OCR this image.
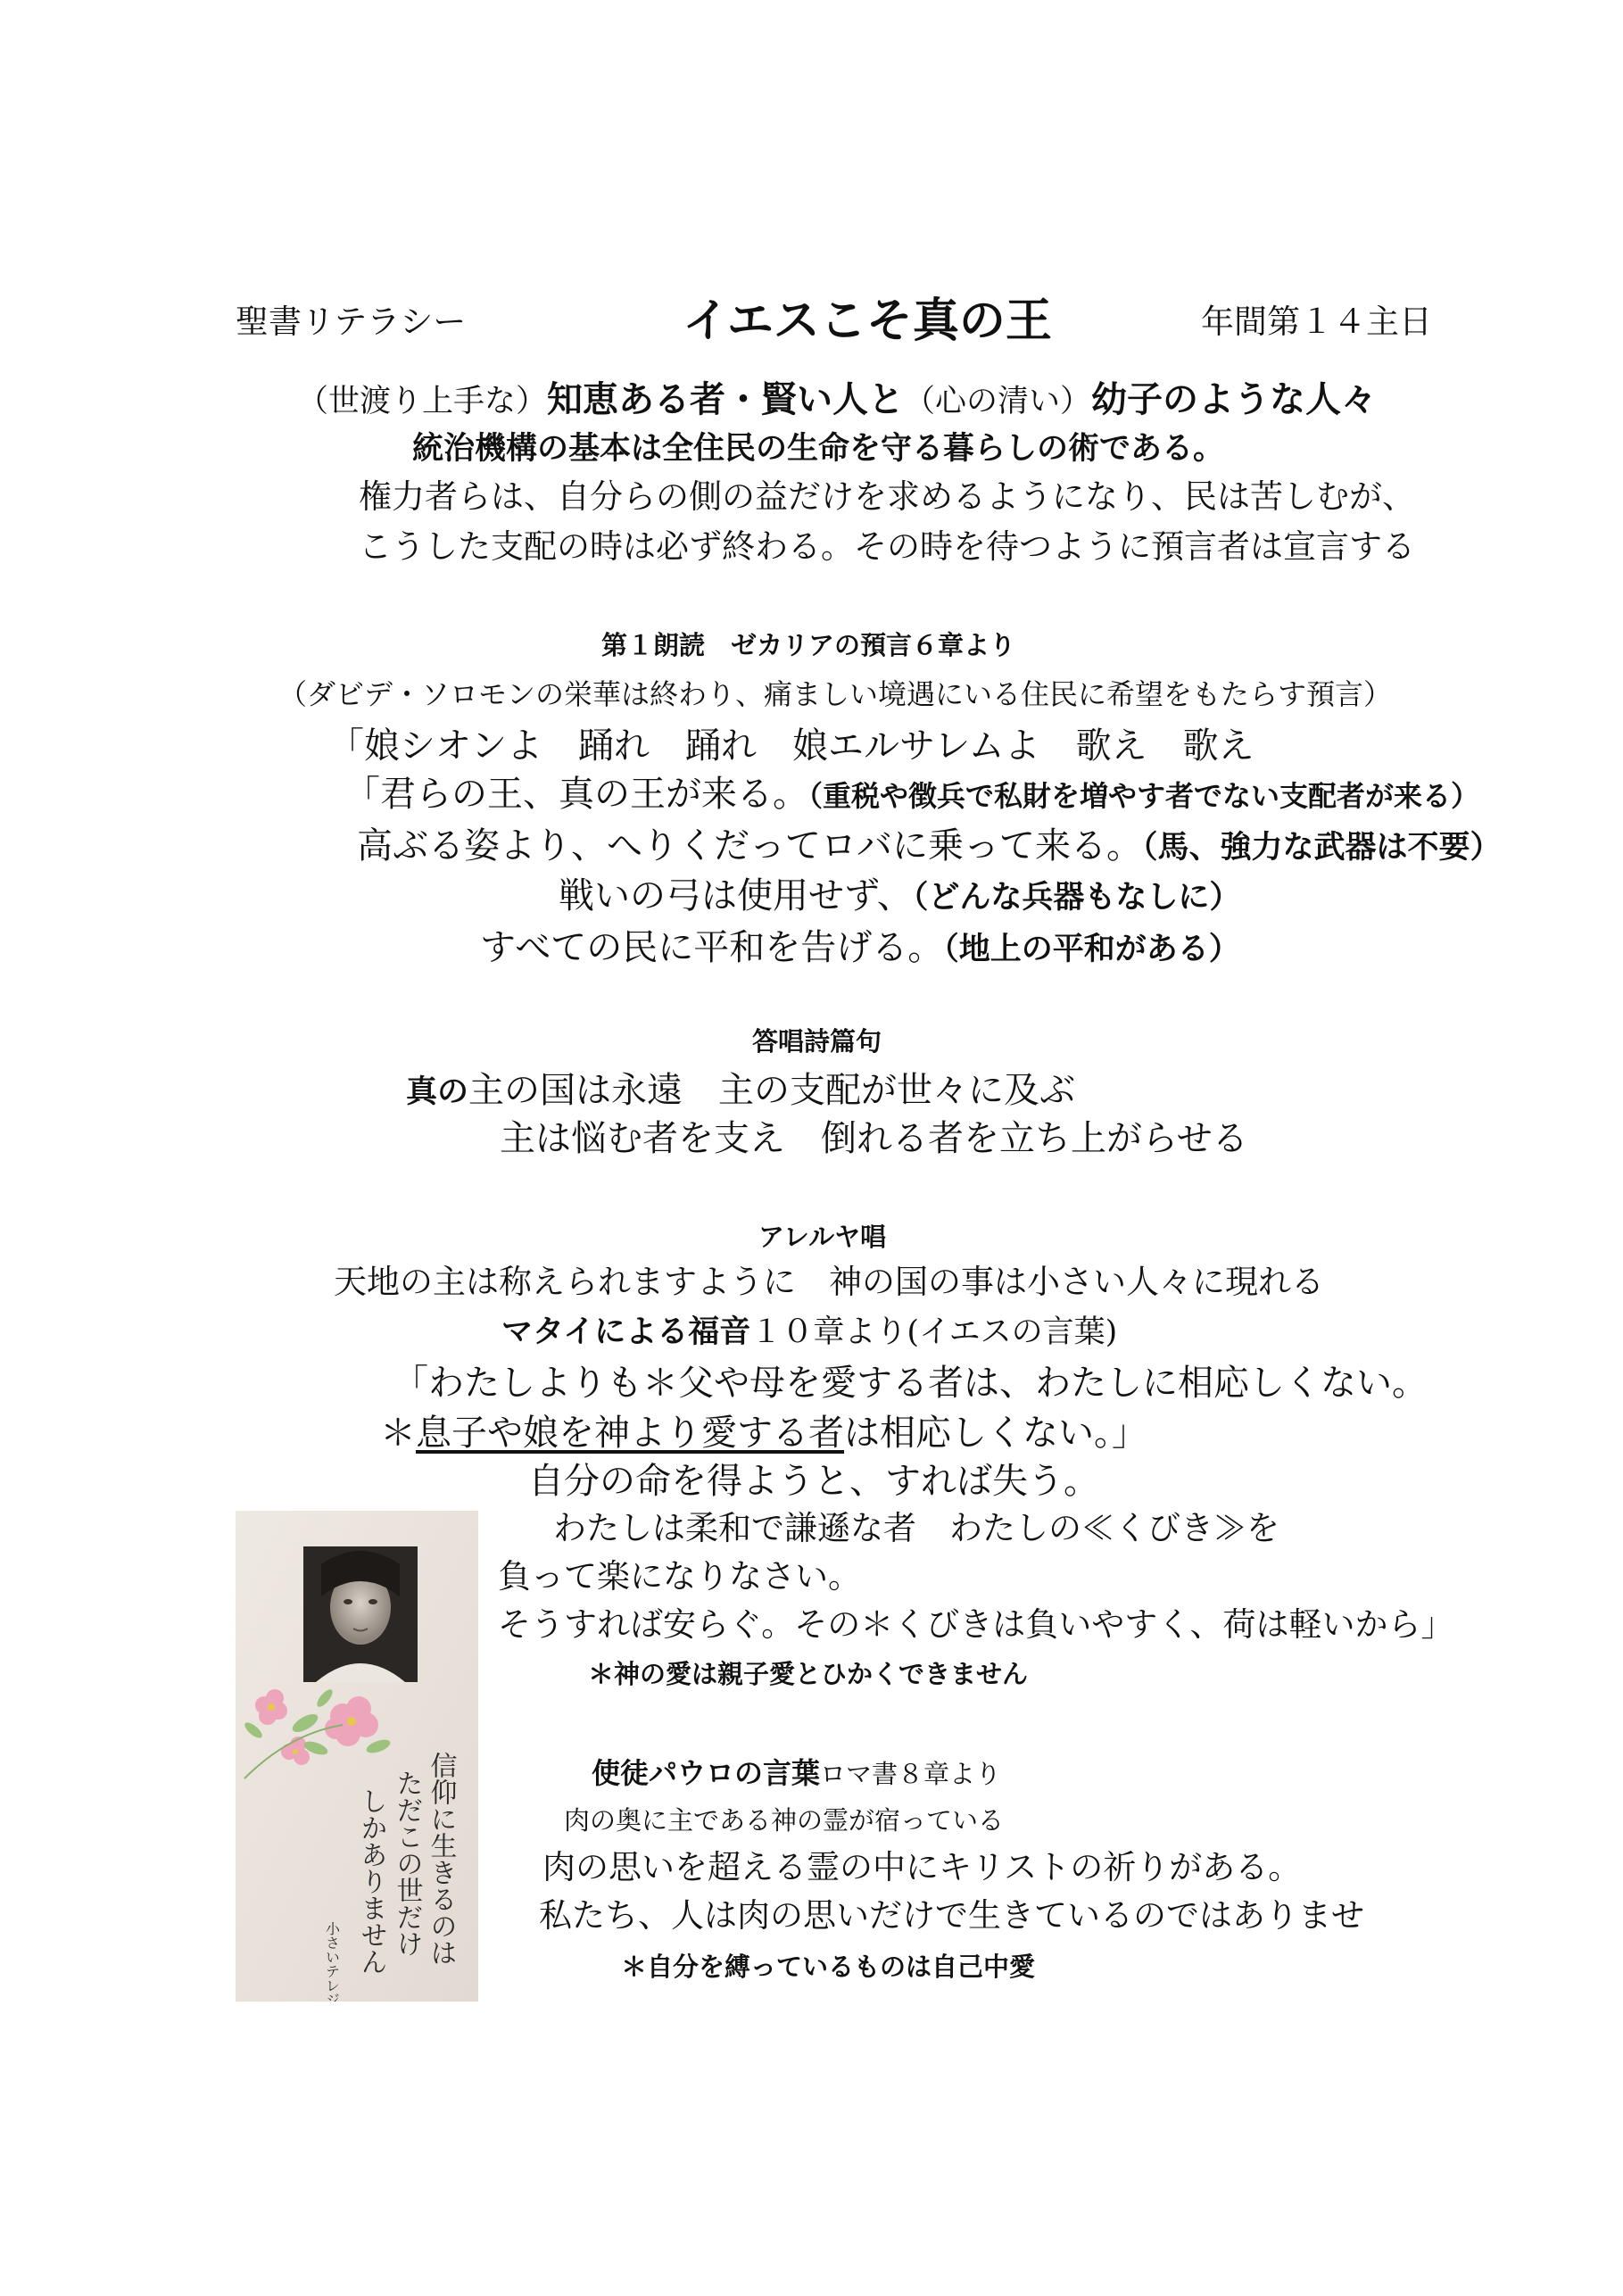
聖書リテラシー	イエスこそ真の王	年間第１４主日
（世渡り上手な）知恵ある者・賢い人と（心の清い）幼子のような人々
統治機構の基本は全住民の生命を守る暮らしの術である。
権力者らは、自分らの側の益だけを求めるようになり、民は苦しむが、
こうした支配の時は必ず終わる。その時を待つように預言者は宣言する
第１朗読　ゼカリアの預言６章より
（ダビデ・ソロモンの栄華は終わり、痛ましい境遇にいる住民に希望をもたらす預言）
「娘シオンよ　踊れ　踊れ　娘エルサレムよ　歌え　歌え
「君らの王、真の王が来る。（重税や徴兵で私財を増やす者でない支配者が来る）
高ぶる姿より、へりくだってロバに乗って来る。（馬、強力な武器は不要）
戦いの弓は使用せず、（どんな兵器もなしに）
すべての民に平和を告げる。（地上の平和がある）
答唱詩篇句
真の主の国は永遠　主の支配が世々に及ぶ
主は悩む者を支え　倒れる者を立ち上がらせる
アレルヤ唱
天地の主は称えられますように　神の国の事は小さい人々に現れる
マタイによる福音１０章より(イエスの言葉)
「わたしよりも＊父や母を愛する者は、わたしに相応しくない。
＊息子や娘を神より愛する者は相応しくない。」
自分の命を得ようと、すれば失う。
わたしは柔和で謙遜な者　わたしの≪くびき≫を
負って楽になりなさい。
そうすれば安らぐ。その＊くびきは負いやすく、荷は軽いから」
＊神の愛は親子愛とひかくできません
使徒パウロの言葉ロマ書８章より
肉の奥に主である神の霊が宿っている
肉の思いを超える霊の中にキリストの祈りがある。
私たち、人は肉の思いだけで生きているのではありませ
＊自分を縛っているものは自己中愛
信仰に生きるのは
ただこの世だけ
しかありません
小さいテレジア
